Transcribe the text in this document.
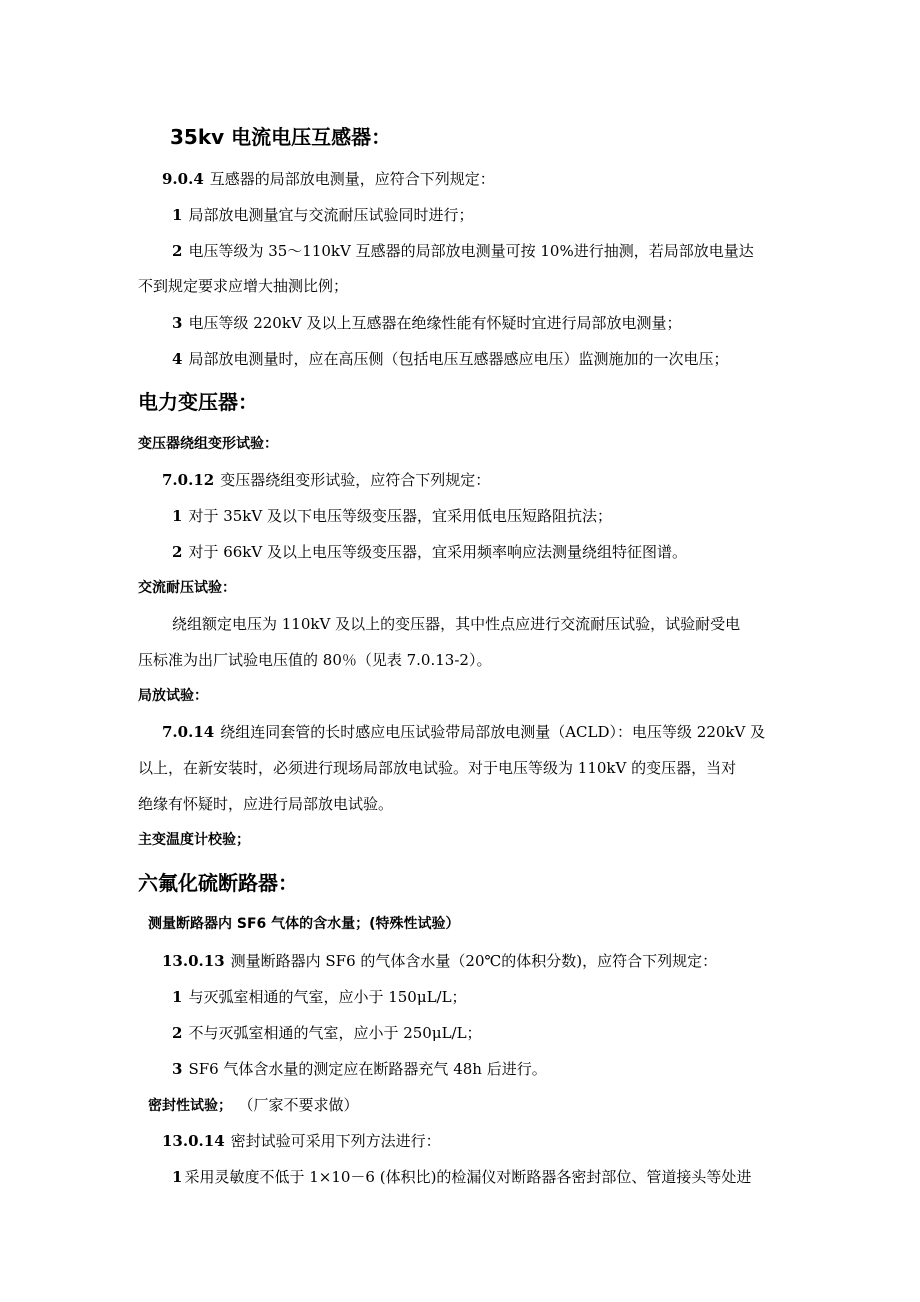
35kv 电流电压互感器：
9.0.4 互感器的局部放电测量，应符合下列规定：
1 局部放电测量宜与交流耐压试验同时进行；
2 电压等级为 35～110kV 互感器的局部放电测量可按 10%进行抽测，若局部放电量达
不到规定要求应增大抽测比例；
3 电压等级 220kV 及以上互感器在绝缘性能有怀疑时宜进行局部放电测量；
4 局部放电测量时，应在高压侧（包括电压互感器感应电压）监测施加的一次电压；
电力变压器：
变压器绕组变形试验：
7.0.12 变压器绕组变形试验，应符合下列规定：
1 对于 35kV 及以下电压等级变压器，宜采用低电压短路阻抗法；
2 对于 66kV 及以上电压等级变压器，宜采用频率响应法测量绕组特征图谱。
交流耐压试验：
绕组额定电压为 110kV 及以上的变压器，其中性点应进行交流耐压试验，试验耐受电
压标准为出厂试验电压值的 80％（见表 7.0.13-2）。
局放试验：
7.0.14 绕组连同套管的长时感应电压试验带局部放电测量（ACLD）：电压等级 220kV 及
以上，在新安装时，必须进行现场局部放电试验。对于电压等级为 110kV 的变压器，当对
绝缘有怀疑时，应进行局部放电试验。
主变温度计校验；
六氟化硫断路器：
测量断路器内 SF6 气体的含水量；(特殊性试验）
13.0.13 测量断路器内 SF6 的气体含水量（20℃的体积分数)，应符合下列规定：
1 与灭弧室相通的气室，应小于 150μL/L；
2 不与灭弧室相通的气室，应小于 250μL/L；
3 SF6 气体含水量的测定应在断路器充气 48h 后进行。
密封性试验； （厂家不要求做）
13.0.14 密封试验可采用下列方法进行：
1 采用灵敏度不低于 1×10－6 (体积比)的检漏仪对断路器各密封部位、管道接头等处进
